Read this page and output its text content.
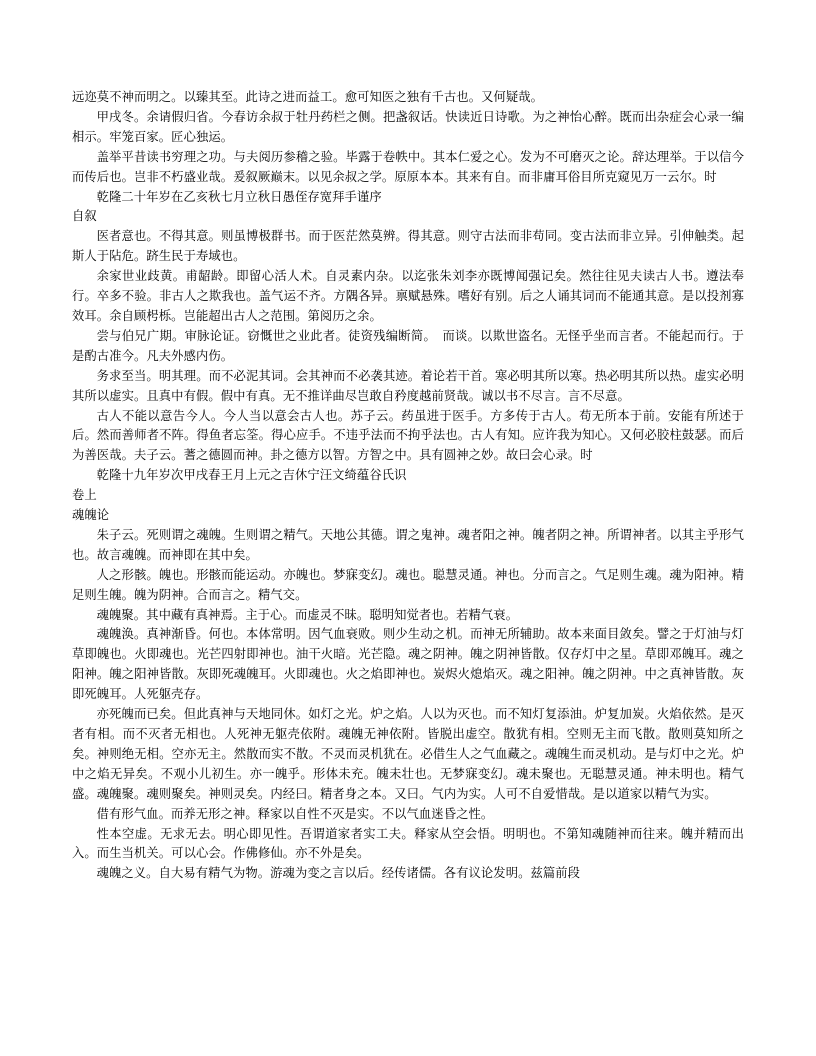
远迩莫不神而明之。以臻其至。此诗之进而益工。愈可知医之独有千古也。又何疑哉。

甲戌冬。余请假归省。今春访余叔于牡丹药栏之侧。把盏叙话。快读近日诗歌。为之神怡心醉。既而出杂症会心录一编相示。牢笼百家。匠心独运。

盖举平昔读书穷理之功。与夫阅历参稽之验。毕露于卷帙中。其本仁爱之心。发为不可磨灭之论。辞达理举。于以信今而传后也。岂非不朽盛业哉。爰叙厥巅末。以见余叔之学。原原本本。其来有自。而非庸耳俗目所克窥见万一云尔。时

乾隆二十年岁在乙亥秋七月立秋日愚侄存宽拜手谨序

自叙

医者意也。不得其意。则虽博极群书。而于医茫然莫辨。得其意。则守古法而非苟同。变古法而非立异。引伸触类。起斯人于阽危。跻生民于寿域也。

余家世业歧黄。甫龆龄。即留心活人术。自灵素内杂。以迄张朱刘李亦既博闻强记矣。然往往见夫读古人书。遵法奉行。卒多不验。非古人之欺我也。盖气运不齐。方隅各异。禀赋悬殊。嗜好有别。后之人诵其词而不能通其意。是以投剂寡效耳。余自顾枵栎。岂能超出古人之范围。第阅历之余。

尝与伯兄广期。审脉论证。窃慨世之业此者。徒资残编断简。　而谈。以欺世盗名。无怪乎坐而言者。不能起而行。于是酌古准今。凡夫外感内伤。

务求至当。明其理。而不必泥其词。会其神而不必袭其迹。着论若干首。寒必明其所以寒。热必明其所以热。虚实必明其所以虚实。且真中有假。假中有真。无不推详曲尽岂敢自矜度越前贤哉。诚以书不尽言。言不尽意。

古人不能以意告今人。今人当以意会古人也。苏子云。药虽进于医手。方多传于古人。苟无所本于前。安能有所述于后。然而善师者不阵。得鱼者忘筌。得心应手。不违乎法而不拘乎法也。古人有知。应许我为知心。又何必胶柱鼓瑟。而后为善医哉。夫子云。蓍之德圆而神。卦之德方以智。方智之中。具有圆神之妙。故曰会心录。时

乾隆十九年岁次甲戌春王月上元之吉休宁汪文绮蕴谷氏识

卷上

魂魄论

朱子云。死则谓之魂魄。生则谓之精气。天地公其德。谓之鬼神。魂者阳之神。魄者阴之神。所谓神者。以其主乎形气也。故言魂魄。而神即在其中矣。

人之形骸。魄也。形骸而能运动。亦魄也。梦寐变幻。魂也。聪慧灵通。神也。分而言之。气足则生魂。魂为阳神。精足则生魄。魄为阴神。合而言之。精气交。

魂魄聚。其中藏有真神焉。主于心。而虚灵不昧。聪明知觉者也。若精气衰。

魂魄涣。真神渐昏。何也。本体常明。因气血衰败。则少生动之机。而神无所辅助。故本来面目敛矣。譬之于灯油与灯草即魄也。火即魂也。光芒四射即神也。油干火暗。光芒隐。魂之阴神。魄之阴神皆散。仅存灯中之星。草即邓魄耳。魂之阳神。魄之阳神皆散。灰即死魂魄耳。火即魂也。火之焰即神也。炭烬火熄焰灭。魂之阳神。魄之阴神。中之真神皆散。灰即死魄耳。人死躯壳存。

亦死魄而已矣。但此真神与天地同休。如灯之光。炉之焰。人以为灭也。而不知灯复添油。炉复加炭。火焰依然。是灭者有相。而不灭者无相也。人死神无躯壳依附。魂魄无神依附。皆脱出虚空。散犹有相。空则无主而飞散。散则莫知所之矣。神则绝无相。空亦无主。然散而实不散。不灵而灵机犹在。必借生人之气血藏之。魂魄生而灵机动。是与灯中之光。炉中之焰无异矣。不观小儿初生。亦一魄乎。形体未充。魄未壮也。无梦寐变幻。魂未聚也。无聪慧灵通。神未明也。精气盛。魂魄聚。魂则聚矣。神则灵矣。内经曰。精者身之本。又曰。气内为实。人可不自爱惜哉。是以道家以精气为实。

借有形气血。而养无形之神。释家以自性不灭是实。不以气血迷昏之性。

性本空虚。无求无去。明心即见性。吾谓道家者实工夫。释家从空会悟。明明也。不第知魂随神而往来。魄并精而出入。而生当机关。可以心会。作佛修仙。亦不外是矣。

魂魄之义。自大易有精气为物。游魂为变之言以后。经传诸儒。各有议论发明。兹篇前段
